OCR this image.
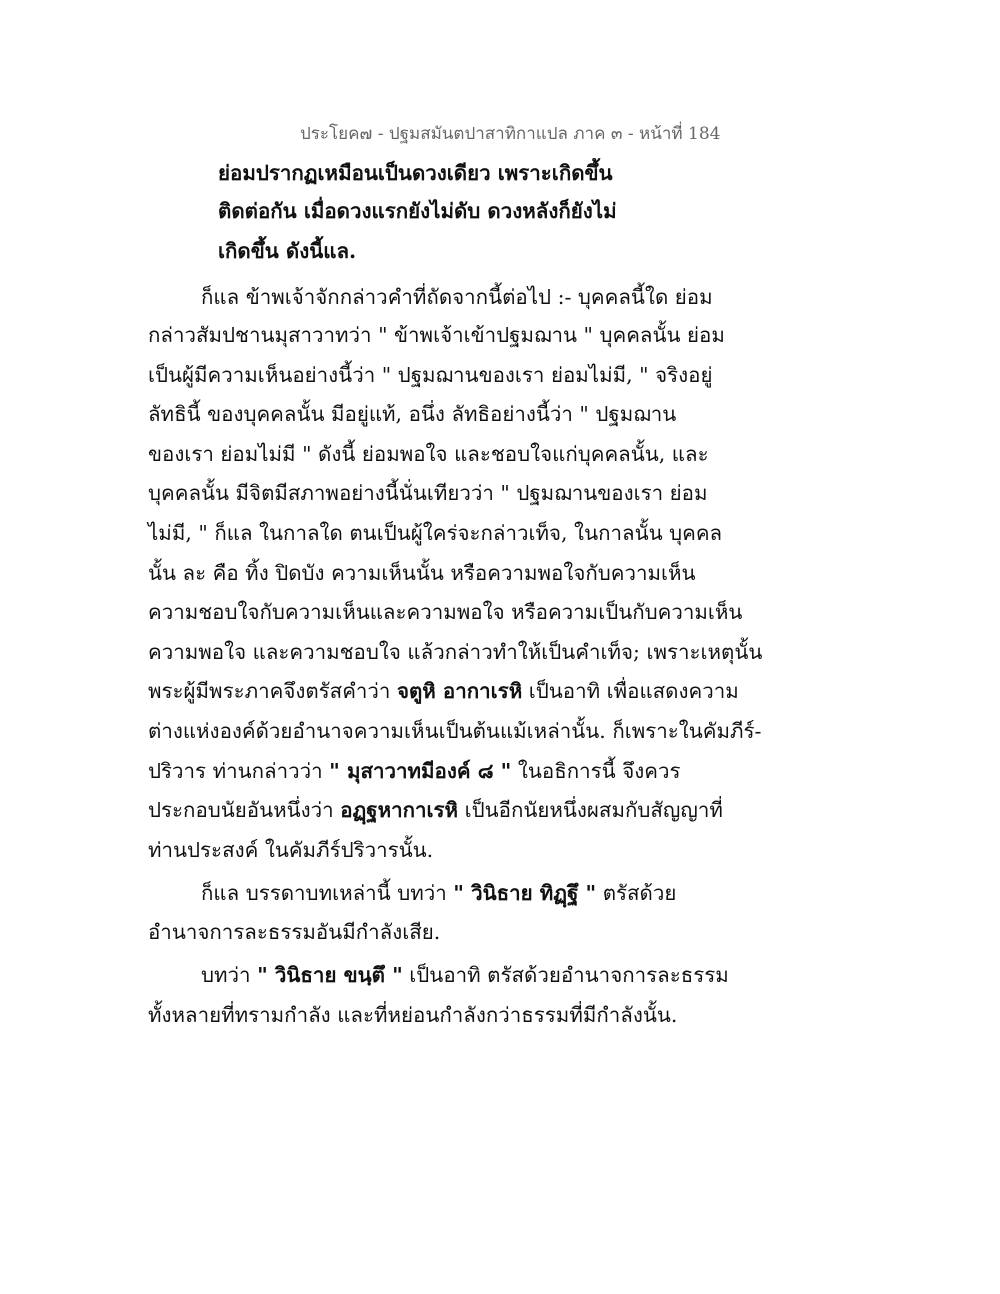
ประโยค๗ - ปฐมสมันตปาสาทิกาแปล ภาค ๓ - หน้าที่ 184
ย่อมปรากฏเหมือนเป็นดวงเดียว เพราะเกิดขึ้น
ติดต่อกัน เมื่อดวงแรกยังไม่ดับ ดวงหลังก็ยังไม่
เกิดขึ้น ดังนี้แล.
ก็แล ข้าพเจ้าจักกล่าวคำที่ถัดจากนี้ต่อไป :- บุคคลนี้ใด ย่อม
กล่าวสัมปชานมุสาวาทว่า " ข้าพเจ้าเข้าปฐมฌาน " บุคคลนั้น ย่อม
เป็นผู้มีความเห็นอย่างนี้ว่า " ปฐมฌานของเรา ย่อมไม่มี, " จริงอยู่
ลัทธินี้ ของบุคคลนั้น มีอยู่แท้, อนึ่ง ลัทธิอย่างนี้ว่า " ปฐมฌาน
ของเรา ย่อมไม่มี " ดังนี้ ย่อมพอใจ และชอบใจแก่บุคคลนั้น, และ
บุคคลนั้น มีจิตมีสภาพอย่างนี้นั่นเทียวว่า " ปฐมฌานของเรา ย่อม
ไม่มี, " ก็แล ในกาลใด ตนเป็นผู้ใคร่จะกล่าวเท็จ, ในกาลนั้น บุคคล
นั้น ละ คือ ทิ้ง ปิดบัง ความเห็นนั้น หรือความพอใจกับความเห็น
ความชอบใจกับความเห็นและความพอใจ หรือความเป็นกับความเห็น
ความพอใจ และความชอบใจ แล้วกล่าวทำให้เป็นคำเท็จ; เพราะเหตุนั้น
พระผู้มีพระภาคจึงตรัสคำว่า จตูหิ อากาเรหิ เป็นอาทิ เพื่อแสดงความ
ต่างแห่งองค์ด้วยอำนาจความเห็นเป็นต้นแม้เหล่านั้น. ก็เพราะในคัมภีร์-
ปริวาร ท่านกล่าวว่า " มุสาวาทมีองค์ ๘ " ในอธิการนี้ จึงควร
ประกอบนัยอันหนึ่งว่า อฏฺฐหากาเรหิ เป็นอีกนัยหนึ่งผสมกับสัญญาที่
ท่านประสงค์ ในคัมภีร์ปริวารนั้น.
ก็แล บรรดาบทเหล่านี้ บทว่า " วินิธาย ทิฏฺฐึ " ตรัสด้วย
อำนาจการละธรรมอันมีกำลังเสีย.
บทว่า " วินิธาย ขนฺตึ " เป็นอาทิ ตรัสด้วยอำนาจการละธรรม
ทั้งหลายที่ทรามกำลัง และที่หย่อนกำลังกว่าธรรมที่มีกำลังนั้น.
